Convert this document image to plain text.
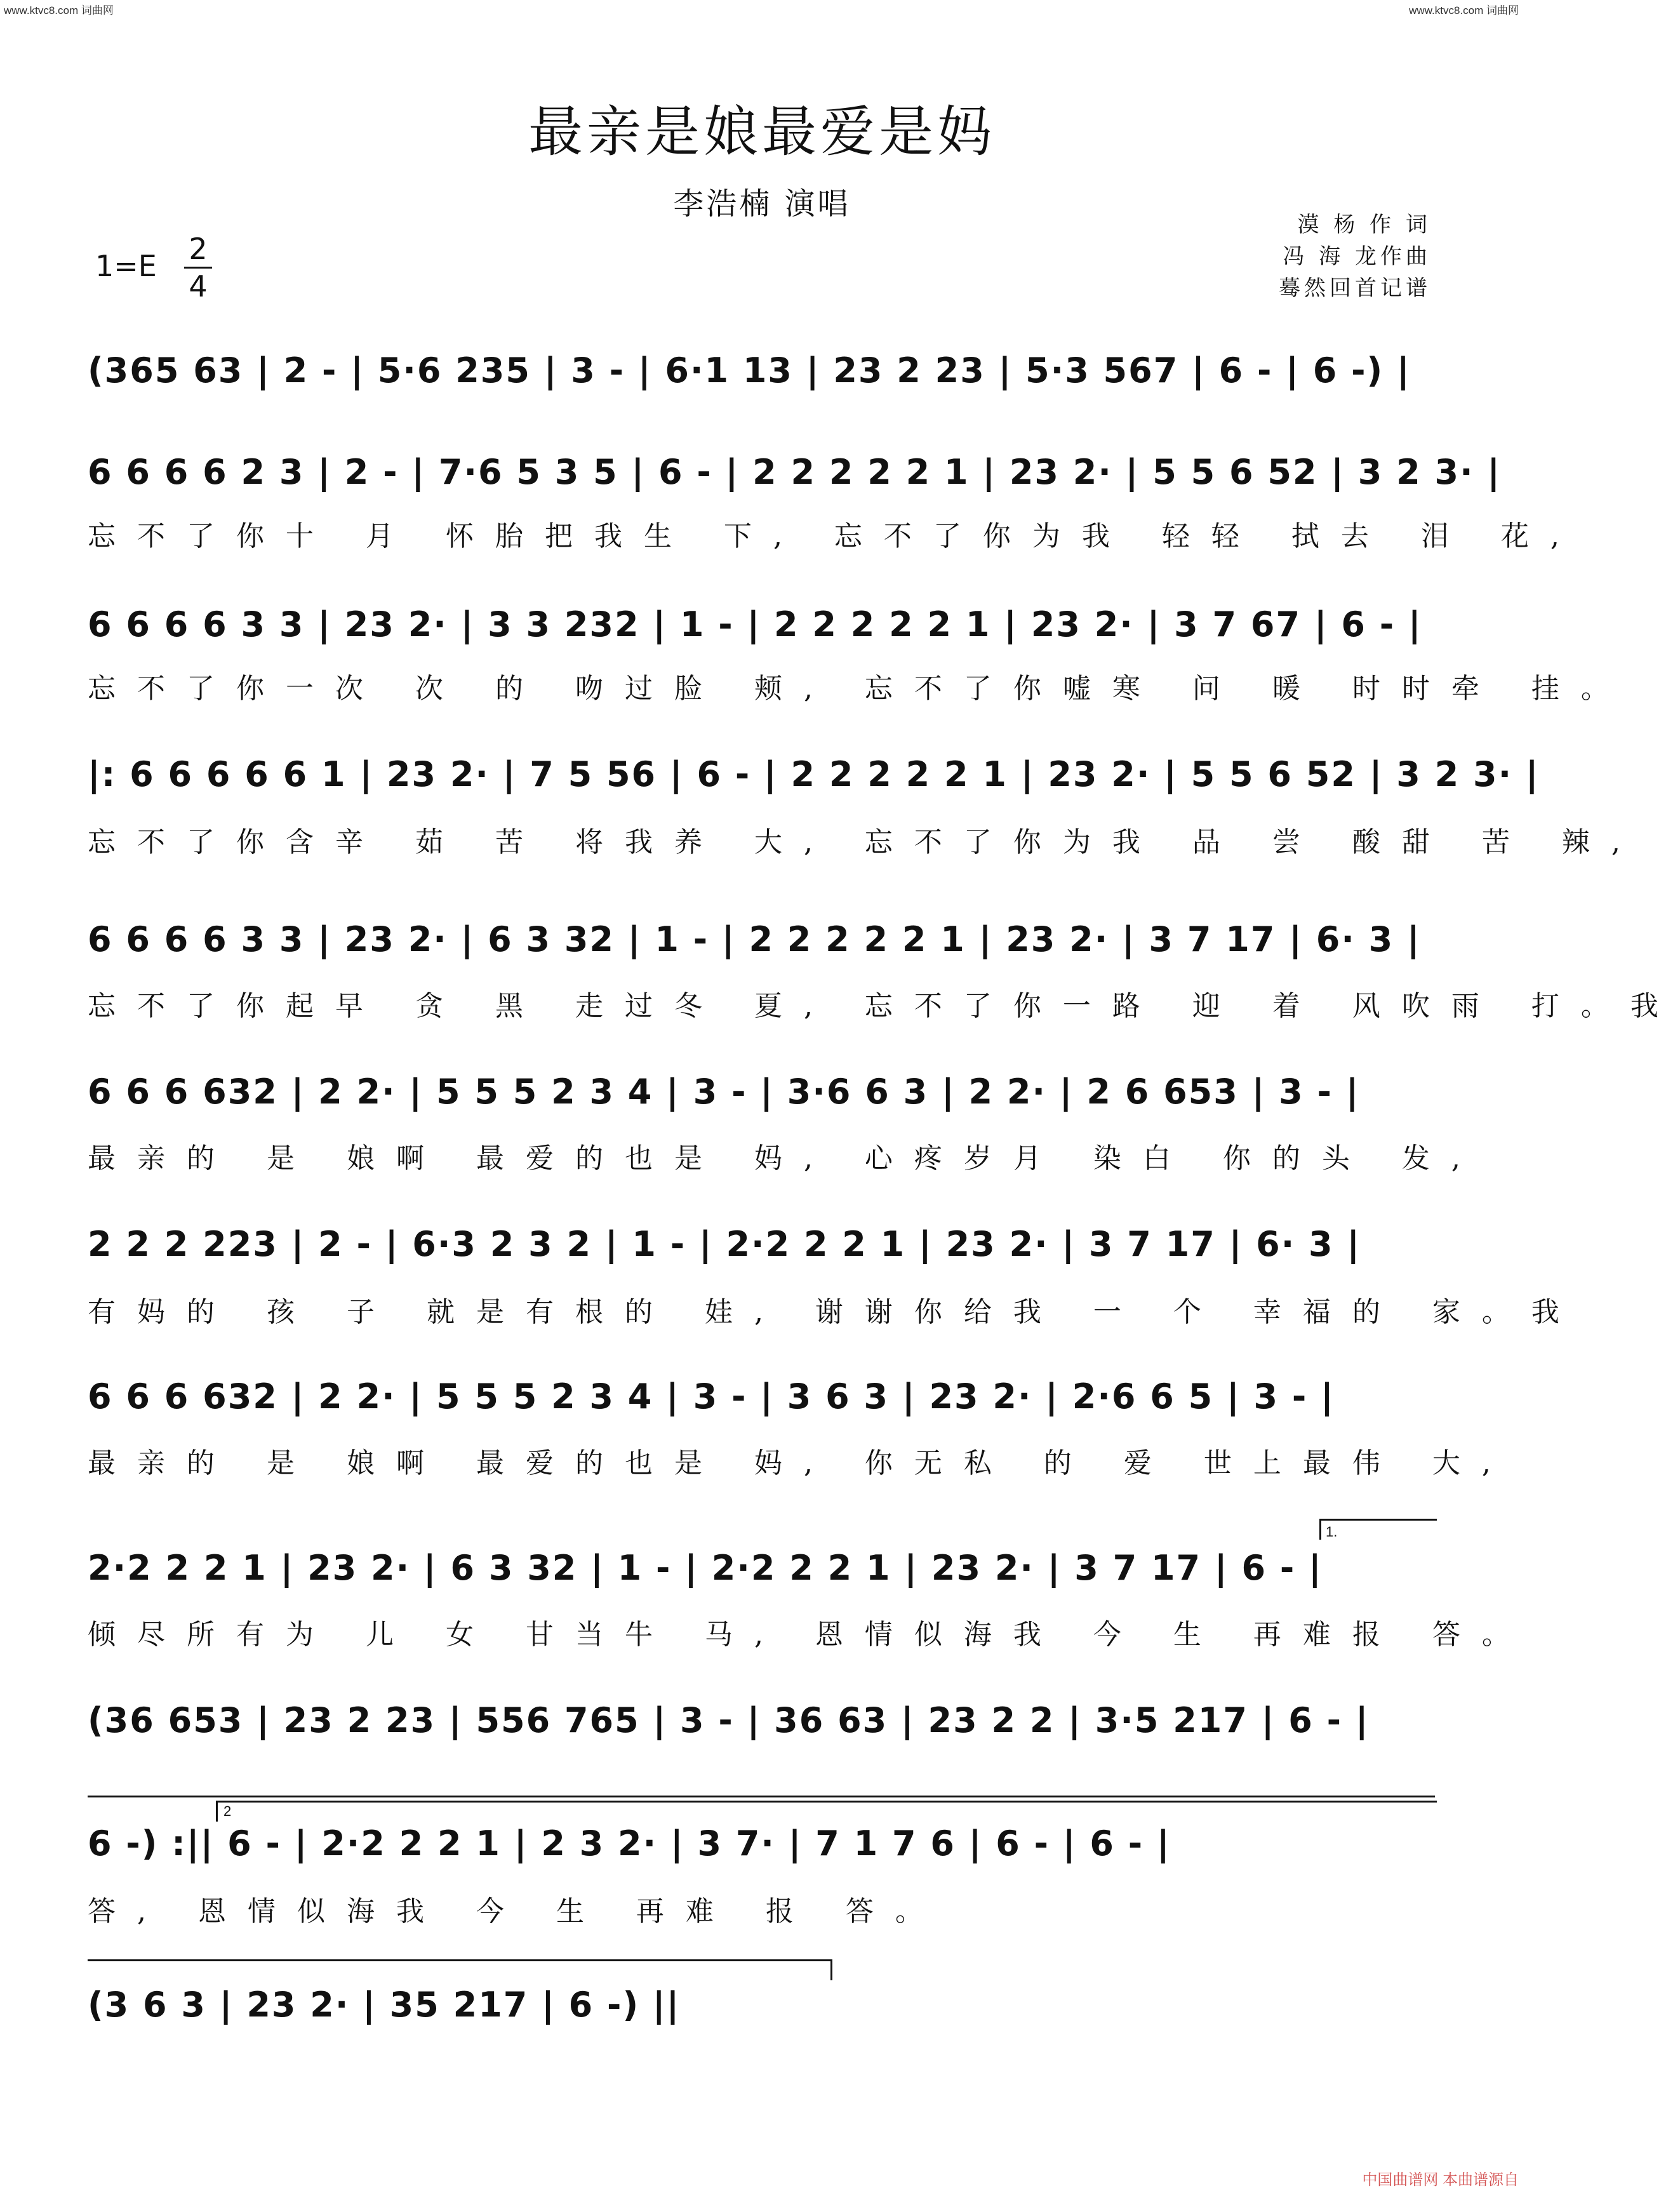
www.ktvc8.com 词曲网	www.ktvc8.com 词曲网
最亲是娘最爱是妈
李浩楠 演唱
漠 杨 作 词
冯 海 龙作曲
蓦然回首记谱
1=E 2
4
(365 63 | 2 - | 5·6 235 | 3 - | 6·1 13 | 23 2 23 | 5·3 567 | 6 - | 6 -) |
6 6 6 6 2 3 | 2 - | 7·6 5 3 5 | 6 - | 2 2 2 2 2 1 | 23 2· | 5 5 6 52 | 3 2 3· |
忘不了你十 月 怀胎把我生 下, 忘不了你为我 轻轻 拭去 泪 花,
6 6 6 6 3 3 | 23 2· | 3 3 232 | 1 - | 2 2 2 2 2 1 | 23 2· | 3 7 67 | 6 - |
忘不了你一次 次 的 吻过脸 颊, 忘不了你嘘寒 问 暖 时时牵 挂。
|: 6 6 6 6 6 1 | 23 2· | 7 5 56 | 6 - | 2 2 2 2 2 1 | 23 2· | 5 5 6 52 | 3 2 3· |
忘不了你含辛 茹 苦 将我养 大, 忘不了你为我 品 尝 酸甜 苦 辣,
6 6 6 6 3 3 | 23 2· | 6 3 32 | 1 - | 2 2 2 2 2 1 | 23 2· | 3 7 17 | 6· 3 |
忘不了你起早 贪 黑 走过冬 夏, 忘不了你一路 迎 着 风吹雨 打。我
6 6 6 632 | 2 2· | 5 5 5 2 3 4 | 3 - | 3·6 6 3 | 2 2· | 2 6 653 | 3 - |
最亲的 是 娘啊 最爱的也是 妈, 心疼岁月 染白 你的头 发,
2 2 2 223 | 2 - | 6·3 2 3 2 | 1 - | 2·2 2 2 1 | 23 2· | 3 7 17 | 6· 3 |
有妈的 孩 子 就是有根的 娃, 谢谢你给我 一 个 幸福的 家。我
6 6 6 632 | 2 2· | 5 5 5 2 3 4 | 3 - | 3 6 3 | 23 2· | 2·6 6 5 | 3 - |
最亲的 是 娘啊 最爱的也是 妈, 你无私 的 爱 世上最伟 大,
1.
2·2 2 2 1 | 23 2· | 6 3 32 | 1 - | 2·2 2 2 1 | 23 2· | 3 7 17 | 6 - |
倾尽所有为 儿 女 甘当牛 马, 恩情似海我 今 生 再难报 答。
(36 653 | 23 2 23 | 556 765 | 3 - | 36 63 | 23 2 2 | 3·5 217 | 6 - |
2
6 -) :|| 6 - | 2·2 2 2 1 | 2 3 2· | 3 7· | 7 1 7 6 | 6 - | 6 - |
答, 恩情似海我 今 生 再难 报 答。
(3 6 3 | 23 2· | 35 217 | 6 -) ||
中国曲谱网 本曲谱源自
